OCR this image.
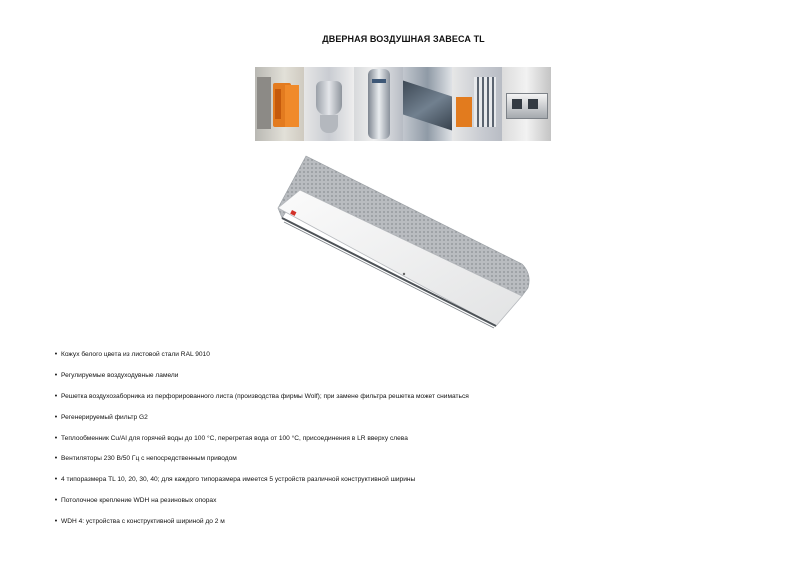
ДВЕРНАЯ ВОЗДУШНАЯ ЗАВЕСА TL
• Кожух белого цвета из листовой стали RAL 9010
• Регулируемые воздуходувные ламели
• Решетка воздухозаборника из перфорированного листа (производства фирмы Wolf); при замене фильтра решетка может сниматься
• Регенерируемый фильтр G2
• Теплообменник Cu/Al для горячей воды до 100 °C, перегретая вода от 100 °C, присоединения в LR вверху слева
• Вентиляторы 230 В/50 Гц с непосредственным приводом
• 4 типоразмера TL 10, 20, 30, 40; для каждого типоразмера имеется 5 устройств различной конструктивной ширины
• Потолочное крепление WDH на резиновых опорах
• WDH 4: устройства с конструктивной шириной до 2 м
